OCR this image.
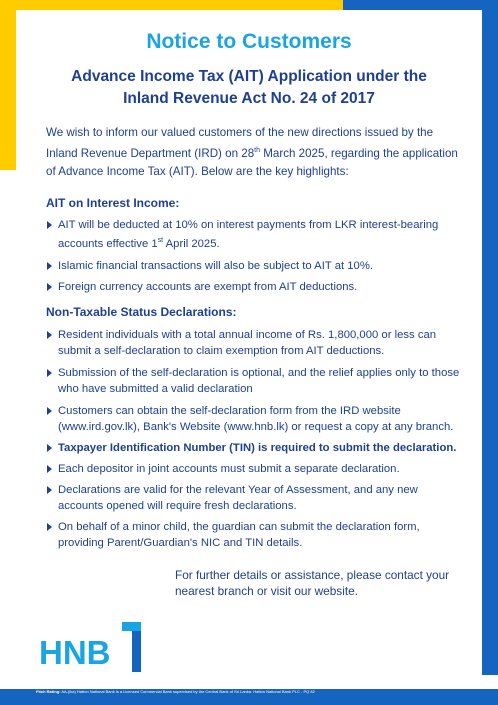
Notice to Customers
Advance Income Tax (AIT) Application under the
Inland Revenue Act No. 24 of 2017

We wish to inform our valued customers of the new directions issued by the Inland Revenue Department (IRD) on 28th March 2025, regarding the application of Advance Income Tax (AIT). Below are the key highlights:

AIT on Interest Income:
AIT will be deducted at 10% on interest payments from LKR interest-bearing accounts effective 1st April 2025.
Islamic financial transactions will also be subject to AIT at 10%.
Foreign currency accounts are exempt from AIT deductions.
Non-Taxable Status Declarations:
Resident individuals with a total annual income of Rs. 1,800,000 or less can submit a self-declaration to claim exemption from AIT deductions.
Submission of the self-declaration is optional, and the relief applies only to those who have submitted a valid declaration
Customers can obtain the self-declaration form from the IRD website (www.ird.gov.lk), Bank's Website (www.hnb.lk) or request a copy at any branch.
Taxpayer Identification Number (TIN) is required to submit the declaration.
Each depositor in joint accounts must submit a separate declaration.
Declarations are valid for the relevant Year of Assessment, and any new accounts opened will require fresh declarations.
On behalf of a minor child, the guardian can submit the declaration form, providing Parent/Guardian's NIC and TIN details.

For further details or assistance, please contact your nearest branch or visit our website.

HNB
Fitch Rating: AA-(lka) Hatton National Bank is a Licensed Commercial Bank supervised by the Central Bank of Sri Lanka. Hatton National Bank PLC - PQ 82
